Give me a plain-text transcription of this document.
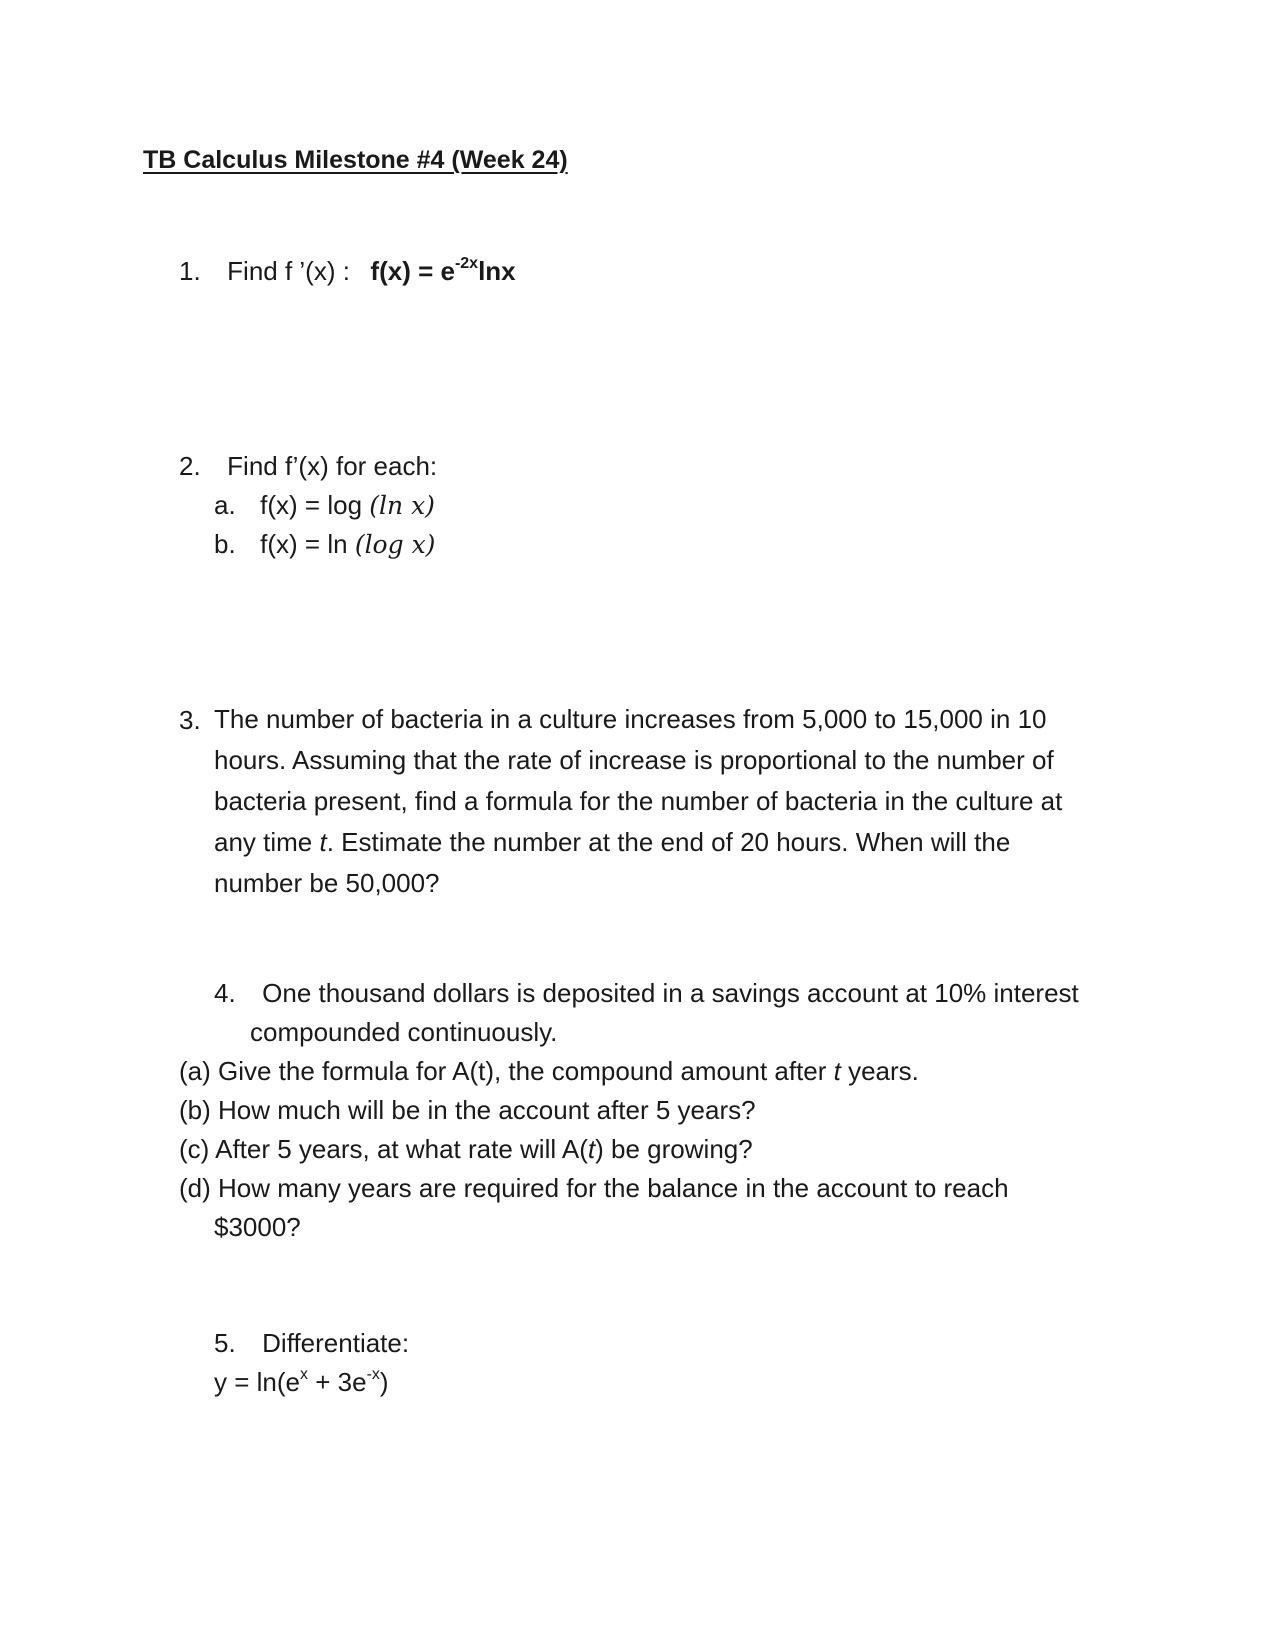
TB Calculus Milestone #4 (Week 24)
1. Find f ’(x) : $f(x) = e^{-2x}\ln x$
2. Find f’(x) for each:
a. f(x) = log (ln x)
b. f(x) = ln (log x)
3. The number of bacteria in a culture increases from 5,000 to 15,000 in 10 hours. Assuming that the rate of increase is proportional to the number of bacteria present, find a formula for the number of bacteria in the culture at any time t. Estimate the number at the end of 20 hours. When will the number be 50,000?
4. One thousand dollars is deposited in a savings account at 10% interest
compounded continuously.
(a) Give the formula for A(t), the compound amount after t years.
(b) How much will be in the account after 5 years?
(c) After 5 years, at what rate will A(t) be growing?
(d) How many years are required for the balance in the account to reach
$3000?
5. Differentiate:
$y = \ln(e^x + 3e^{-x})$
